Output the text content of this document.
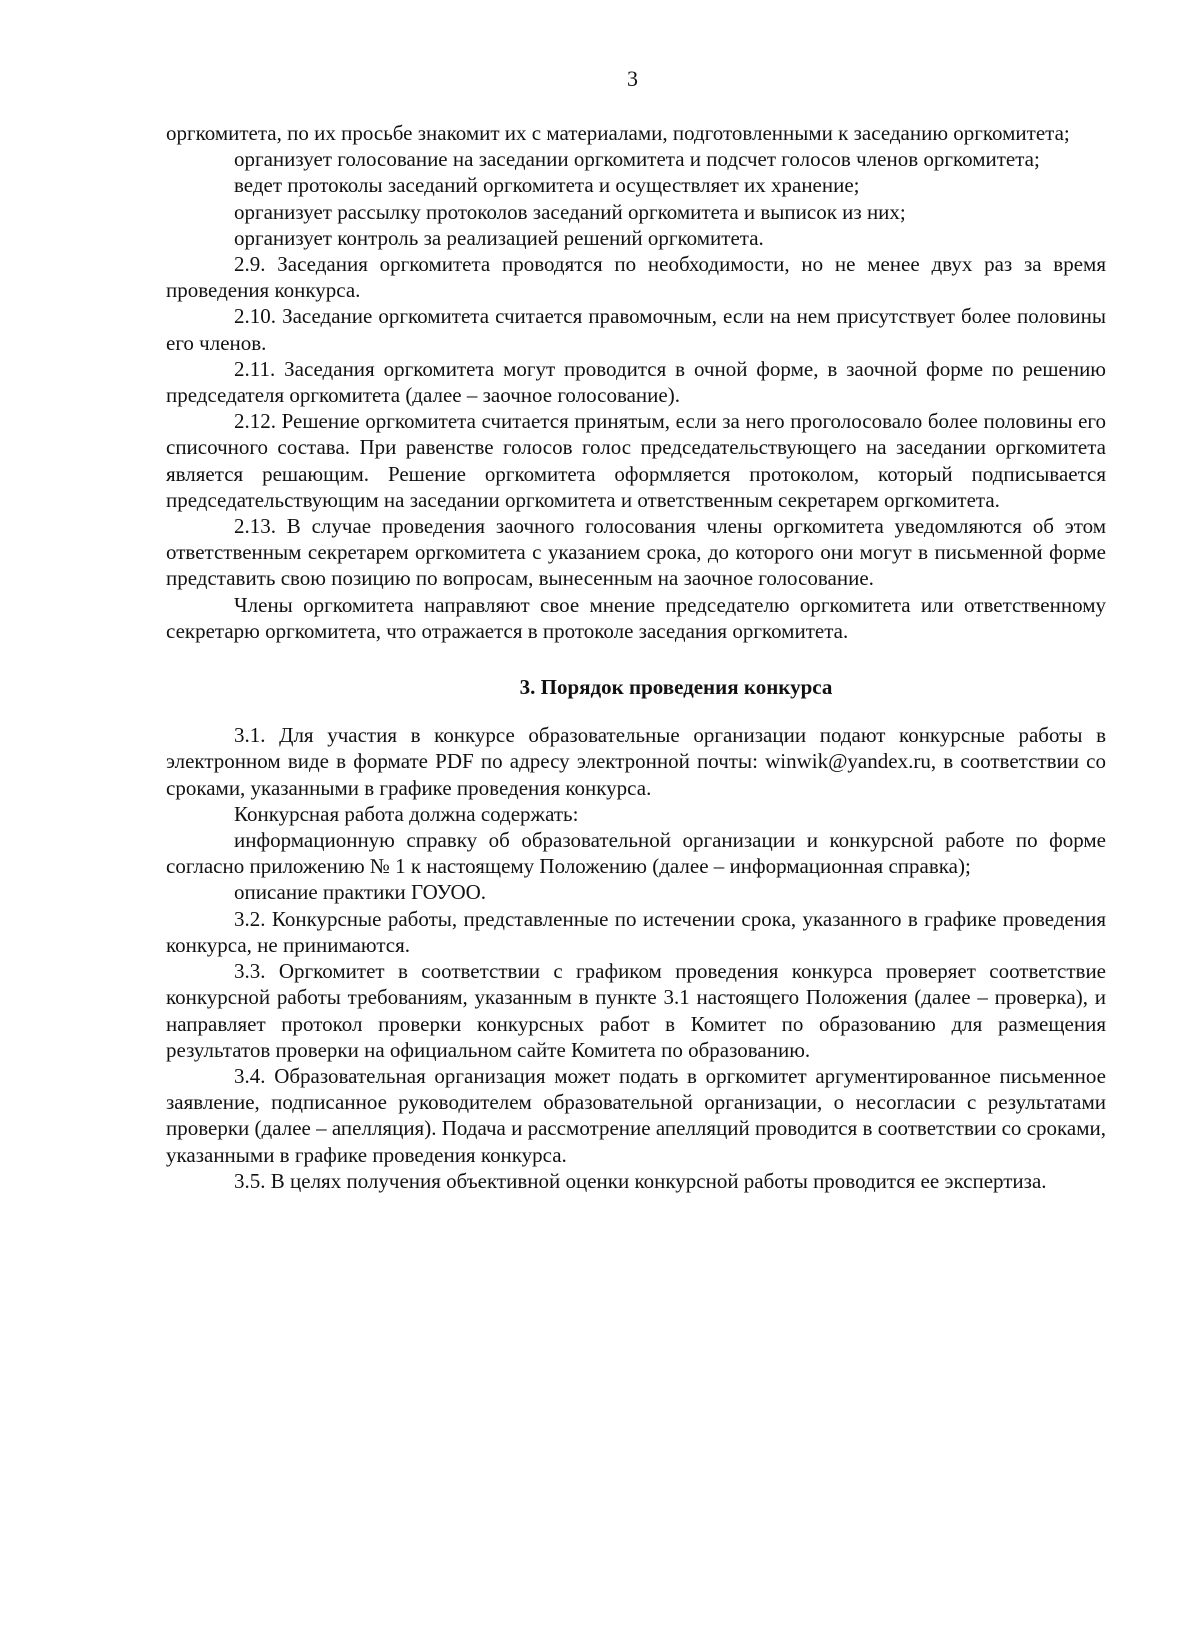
3

оргкомитета, по их просьбе знакомит их с материалами, подготовленными к заседанию оргкомитета;

организует голосование на заседании оргкомитета и подсчет голосов членов оргкомитета;

ведет протоколы заседаний оргкомитета и осуществляет их хранение;

организует рассылку протоколов заседаний оргкомитета и выписок из них;

организует контроль за реализацией решений оргкомитета.

2.9. Заседания оргкомитета проводятся по необходимости, но не менее двух раз за время проведения конкурса.

2.10. Заседание оргкомитета считается правомочным, если на нем присутствует более половины его членов.

2.11. Заседания оргкомитета могут проводится в очной форме, в заочной форме по решению председателя оргкомитета (далее – заочное голосование).

2.12. Решение оргкомитета считается принятым, если за него проголосовало более половины его списочного состава. При равенстве голосов голос председательствующего на заседании оргкомитета является решающим. Решение оргкомитета оформляется протоколом, который подписывается председательствующим на заседании оргкомитета и ответственным секретарем оргкомитета.

2.13. В случае проведения заочного голосования члены оргкомитета уведомляются об этом ответственным секретарем оргкомитета с указанием срока, до которого они могут в письменной форме представить свою позицию по вопросам, вынесенным на заочное голосование.

Члены оргкомитета направляют свое мнение председателю оргкомитета или ответственному секретарю оргкомитета, что отражается в протоколе заседания оргкомитета.

3. Порядок проведения конкурса

3.1. Для участия в конкурсе образовательные организации подают конкурсные работы в электронном виде в формате PDF по адресу электронной почты: winwik@yandex.ru, в соответствии со сроками, указанными в графике проведения конкурса.

Конкурсная работа должна содержать:

информационную справку об образовательной организации и конкурсной работе по форме согласно приложению № 1 к настоящему Положению (далее – информационная справка);

описание практики ГОУОО.

3.2. Конкурсные работы, представленные по истечении срока, указанного в графике проведения конкурса, не принимаются.

3.3. Оргкомитет в соответствии с графиком проведения конкурса проверяет соответствие конкурсной работы требованиям, указанным в пункте 3.1 настоящего Положения (далее – проверка), и направляет протокол проверки конкурсных работ в Комитет по образованию для размещения результатов проверки на официальном сайте Комитета по образованию.

3.4. Образовательная организация может подать в оргкомитет аргументированное письменное заявление, подписанное руководителем образовательной организации, о несогласии с результатами проверки (далее – апелляция). Подача и рассмотрение апелляций проводится в соответствии со сроками, указанными в графике проведения конкурса.

3.5. В целях получения объективной оценки конкурсной работы проводится ее экспертиза.
